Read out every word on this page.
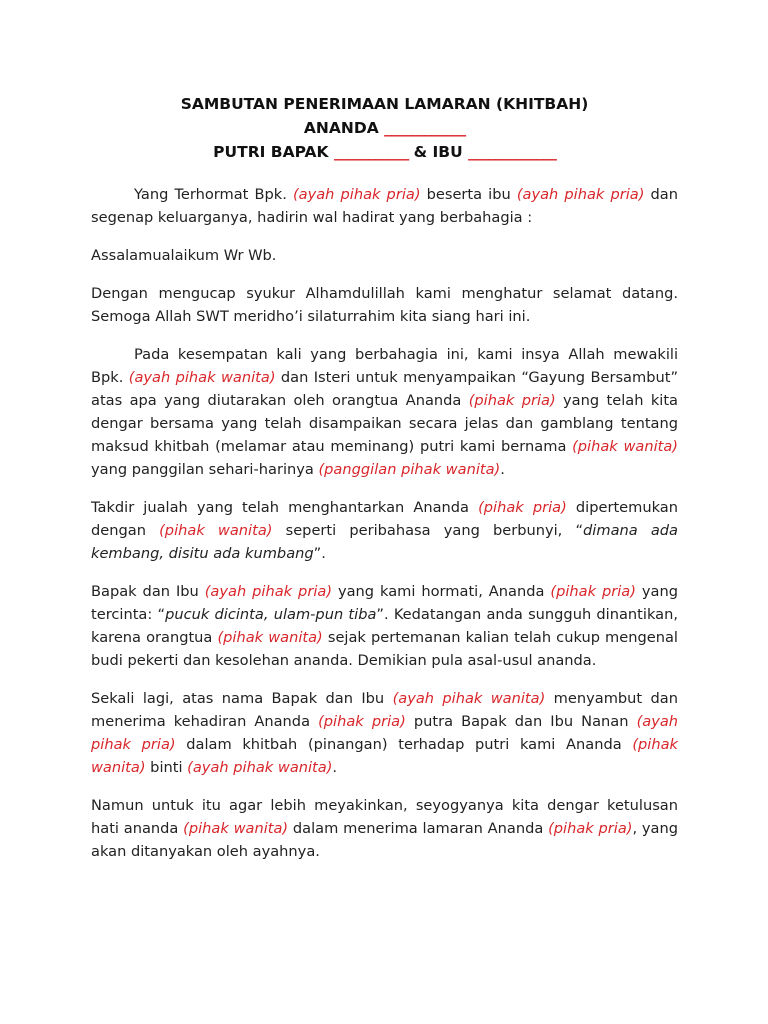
SAMBUTAN PENERIMAAN LAMARAN (KHITBAH)
ANANDA ____________
PUTRI BAPAK ___________ & IBU _____________

Yang Terhormat Bpk. (ayah pihak pria) beserta ibu (ayah pihak pria) dan segenap keluarganya, hadirin wal hadirat yang berbahagia :

Assalamualaikum Wr Wb.

Dengan mengucap syukur Alhamdulillah kami menghatur selamat datang. Semoga Allah SWT meridho’i silaturrahim kita siang hari ini.

Pada kesempatan kali yang berbahagia ini, kami insya Allah mewakili Bpk. (ayah pihak wanita) dan Isteri untuk menyampaikan “Gayung Bersambut” atas apa yang diutarakan oleh orangtua Ananda (pihak pria) yang telah kita dengar bersama yang telah disampaikan secara jelas dan gamblang tentang maksud khitbah (melamar atau meminang) putri kami bernama (pihak wanita) yang panggilan sehari-harinya (panggilan pihak wanita).

Takdir jualah yang telah menghantarkan Ananda (pihak pria) dipertemukan dengan (pihak wanita) seperti peribahasa yang berbunyi, “dimana ada kembang, disitu ada kumbang”.

Bapak dan Ibu (ayah pihak pria) yang kami hormati, Ananda (pihak pria) yang tercinta: “pucuk dicinta, ulam-pun tiba”. Kedatangan anda sungguh dinantikan, karena orangtua (pihak wanita) sejak pertemanan kalian telah cukup mengenal budi pekerti dan kesolehan ananda. Demikian pula asal-usul ananda.

Sekali lagi, atas nama Bapak dan Ibu (ayah pihak wanita) menyambut dan menerima kehadiran Ananda (pihak pria) putra Bapak dan Ibu Nanan (ayah pihak pria) dalam khitbah (pinangan) terhadap putri kami Ananda (pihak wanita) binti (ayah pihak wanita).

Namun untuk itu agar lebih meyakinkan, seyogyanya kita dengar ketulusan hati ananda (pihak wanita) dalam menerima lamaran Ananda (pihak pria), yang akan ditanyakan oleh ayahnya.
